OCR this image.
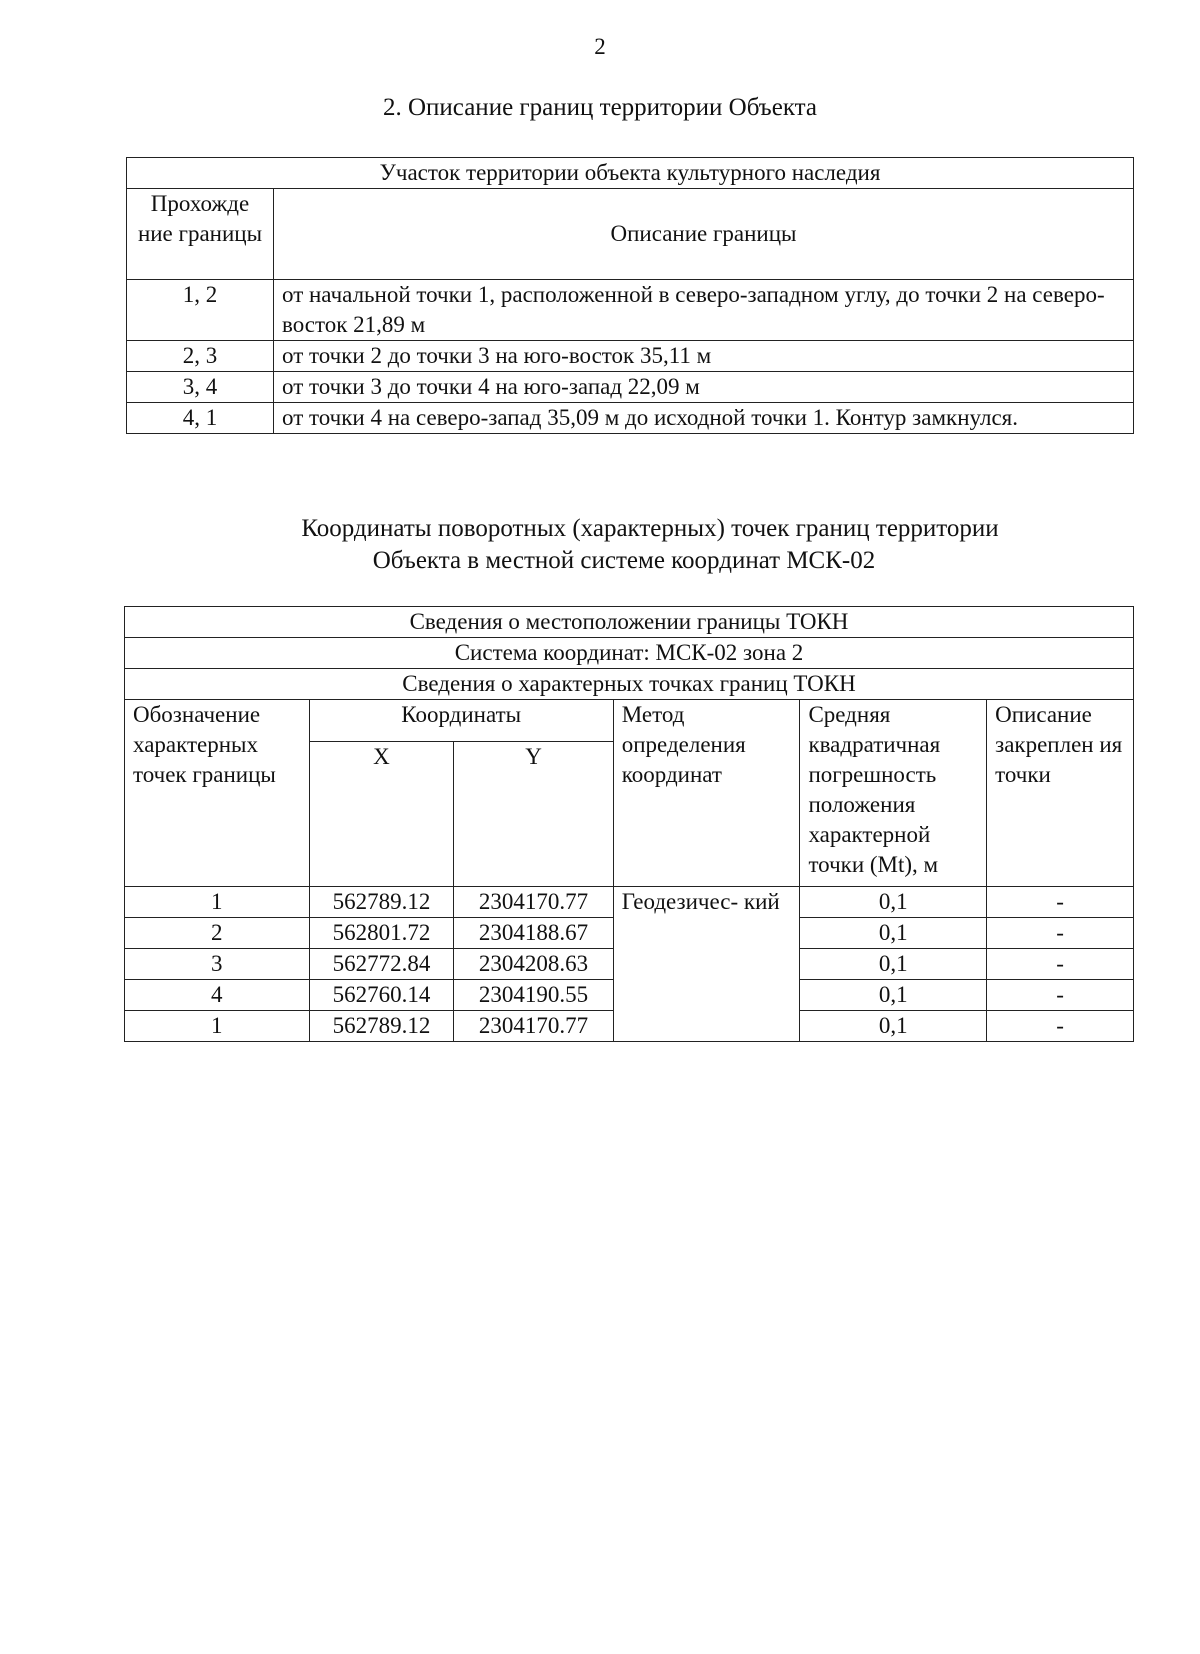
2
2. Описание границ территории Объекта
Участок территории объекта культурного наследия	
Прохожде ние границы	Описание границы
1, 2	от начальной точки 1, расположенной в северо-западном углу, до точки 2 на северо-восток 21,89 м
2, 3	от точки 2 до точки 3 на юго-восток 35,11 м
3, 4	от точки 3 до точки 4 на юго-запад 22,09 м
4, 1	от точки 4 на северо-запад 35,09 м до исходной точки 1. Контур замкнулся.
Координаты поворотных (характерных) точек границ территории
Объекта в местной системе координат МСК-02
Сведения о местоположении границы ТОКН					
Система координат: МСК-02 зона 2					
Сведения о характерных точках границ ТОКН					
Обозначение характерных точек границы	Координаты		Метод определения координат	Средняя квадратичная погрешность положения характерной точки (Mt), м	Описание закреплен ия точки
	X	Y			
1	562789.12	2304170.77	Геодезичес- кий	0,1	-
2	562801.72	2304188.67		0,1	-
3	562772.84	2304208.63		0,1	-
4	562760.14	2304190.55		0,1	-
1	562789.12	2304170.77		0,1	-
